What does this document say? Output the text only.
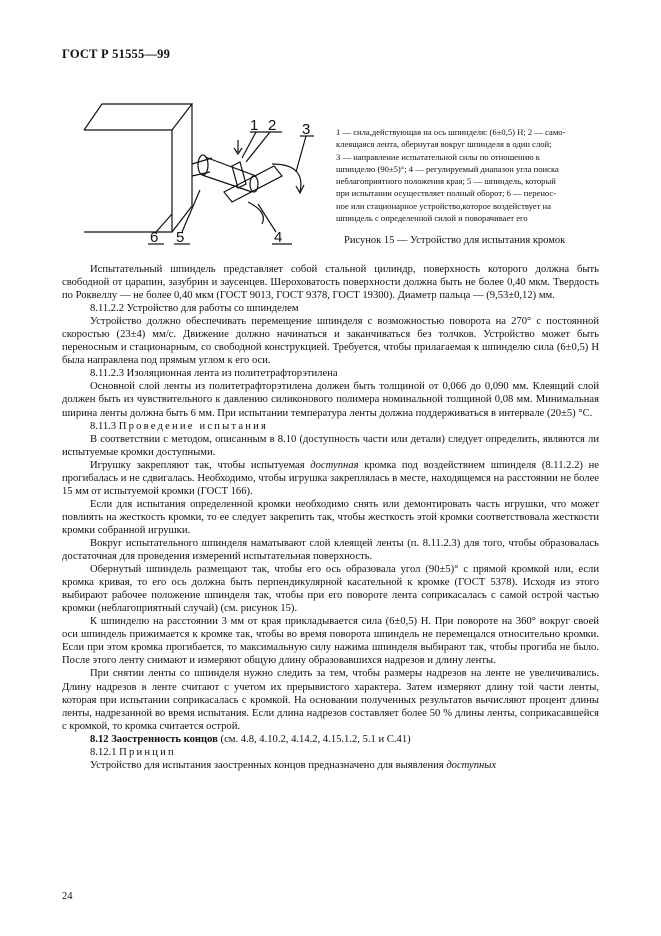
ГОСТ Р 51555—99
1 2 3
4
5
6
1 — сила,действующая на ось шпинделя: (6±0,5) Н; 2 — само-
клеящаяся лента, обернутая вокруг шпинделя в один слой;
3 — направление испытательной силы по отношению к
шпинделю (90±5)°; 4 — регулируемый диапазон угла поиска
неблагоприятного положения края; 5 — шпиндель, который
при испытании осуществляет полный оборот; 6 — перенос-
ное или стационарное устройство,которое воздействует на
шпиндель с определенной силой и поворачивает его
Рисунок 15 — Устройство для испытания кромок

Испытательный шпиндель представляет собой стальной цилиндр, поверхность которого должна быть свободной от царапин, зазубрин и заусенцев. Шероховатость поверхности должна быть не более 0,40 мкм. Твердость по Роквеллу — не более 0,40 мкм (ГОСТ 9013, ГОСТ 9378, ГОСТ 19300). Диаметр пальца — (9,53±0,12) мм.

8.11.2.2 Устройство для работы со шпинделем

Устройство должно обеспечивать перемещение шпинделя с возможностью поворота на 270° с постоянной скоростью (23±4) мм/с. Движение должно начинаться и заканчиваться без толчков. Устройство может быть переносным и стационарным, со свободной конструкцией. Требуется, чтобы прилагаемая к шпинделю сила (6±0,5) Н была направлена под прямым углом к его оси.

8.11.2.3 Изоляционная лента из политетрафторэтилена

Основной слой ленты из политетрафторэтилена должен быть толщиной от 0,066 до 0,090 мм. Клеящий слой должен быть из чувствительного к давлению силиконового полимера номинальной толщиной 0,08 мм. Минимальная ширина ленты должна быть 6 мм. При испытании температура ленты должна поддерживаться в интервале (20±5) °С.

8.11.3 Проведение испытания

В соответствии с методом, описанным в 8.10 (доступность части или детали) следует определить, являются ли испытуемые кромки доступными.

Игрушку закрепляют так, чтобы испытуемая доступная кромка под воздействием шпинделя (8.11.2.2) не прогибалась и не сдвигалась. Необходимо, чтобы игрушка закреплялась в месте, находящемся на расстоянии не более 15 мм от испытуемой кромки (ГОСТ 166).

Если для испытания определенной кромки необходимо снять или демонтировать часть игрушки, что может повлиять на жесткость кромки, то ее следует закрепить так, чтобы жесткость этой кромки соответствовала жесткости кромки собранной игрушки.

Вокруг испытательного шпинделя наматывают слой клеящей ленты (п. 8.11.2.3) для того, чтобы образовалась достаточная для проведения измерений испытательная поверхность.

Обернутый шпиндель размещают так, чтобы его ось образовала угол (90±5)° с прямой кромкой или, если кромка кривая, то его ось должна быть перпендикулярной касательной к кромке (ГОСТ 5378). Исходя из этого выбирают рабочее положение шпинделя так, чтобы при его повороте лента соприкасалась с самой острой частью кромки (неблагоприятный случай) (см. рисунок 15).

К шпинделю на расстоянии 3 мм от края прикладывается сила (6±0,5) Н. При повороте на 360° вокруг своей оси шпиндель прижимается к кромке так, чтобы во время поворота шпиндель не перемещался относительно кромки. Если при этом кромка прогибается, то максимальную силу нажима шпинделя выбирают так, чтобы прогиба не было. После этого ленту снимают и измеряют общую длину образовавшихся надрезов и длину ленты.

При снятии ленты со шпинделя нужно следить за тем, чтобы размеры надрезов на ленте не увеличивались. Длину надрезов в ленте считают с учетом их прерывистого характера. Затем измеряют длину той части ленты, которая при испытании соприкасалась с кромкой. На основании полученных результатов вычисляют процент длины ленты, надрезанной во время испытания. Если длина надрезов составляет более 50 % длины ленты, соприкасавшейся с кромкой, то кромка считается острой.

8.12 Заостренность концов (см. 4.8, 4.10.2, 4.14.2, 4.15.1.2, 5.1 и С.41)

8.12.1 Принцип

Устройство для испытания заостренных концов предназначено для выявления доступных

24
